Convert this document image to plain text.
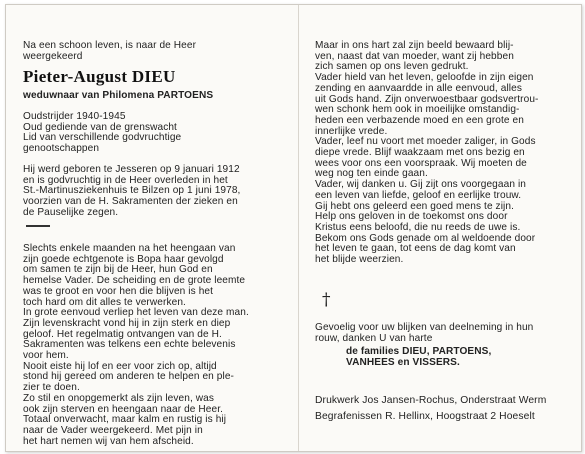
Na een schoon leven, is naar de Heer
weergekeerd
Pieter-August DIEU
weduwnaar van Philomena PARTOENS
Oudstrijder 1940-1945
Oud gediende van de grenswacht
Lid van verschillende godvruchtige
genootschappen
Hij werd geboren te Jesseren op 9 januari 1912
en is godvruchtig in de Heer overleden in het
St.-Martinusziekenhuis te Bilzen op 1 juni 1978,
voorzien van de H. Sakramenten der zieken en
de Pauselijke zegen.
Slechts enkele maanden na het heengaan van
zijn goede echtgenote is Bopa haar gevolgd
om samen te zijn bij de Heer, hun God en
hemelse Vader. De scheiding en de grote leemte
was te groot en voor hen die blijven is het
toch hard om dit alles te verwerken.
In grote eenvoud verliep het leven van deze man.
Zijn levenskracht vond hij in zijn sterk en diep
geloof. Het regelmatig ontvangen van de H.
Sakramenten was telkens een echte belevenis
voor hem.
Nooit eiste hij lof en eer voor zich op, altijd
stond hij gereed om anderen te helpen en ple-
zier te doen.
Zo stil en onopgemerkt als zijn leven, was
ook zijn sterven en heengaan naar de Heer.
Totaal onverwacht, maar kalm en rustig is hij
naar de Vader weergekeerd. Met pijn in
het hart nemen wij van hem afscheid.
Maar in ons hart zal zijn beeld bewaard blij-
ven, naast dat van moeder, want zij hebben
zich samen op ons leven gedrukt.
Vader hield van het leven, geloofde in zijn eigen
zending en aanvaardde in alle eenvoud, alles
uit Gods hand. Zijn onverwoestbaar godsvertrou-
wen schonk hem ook in moeilijke omstandig-
heden een verbazende moed en een grote en
innerlijke vrede.
Vader, leef nu voort met moeder zaliger, in Gods
diepe vrede. Blijf waakzaam met ons bezig en
wees voor ons een voorspraak. Wij moeten de
weg nog ten einde gaan.
Vader, wij danken u. Gij zijt ons voorgegaan in
een leven van liefde, geloof en eerlijke trouw.
Gij hebt ons geleerd een goed mens te zijn.
Help ons geloven in de toekomst ons door
Kristus eens beloofd, die nu reeds de uwe is.
Bekom ons Gods genade om al weldoende door
het leven te gaan, tot eens de dag komt van
het blijde weerzien.
†
Gevoelig voor uw blijken van deelneming in hun
rouw, danken U van harte
de families DIEU, PARTOENS,
VANHEES en VISSERS.
Drukwerk Jos Jansen-Rochus, Onderstraat Werm
Begrafenissen R. Hellinx, Hoogstraat 2 Hoeselt
